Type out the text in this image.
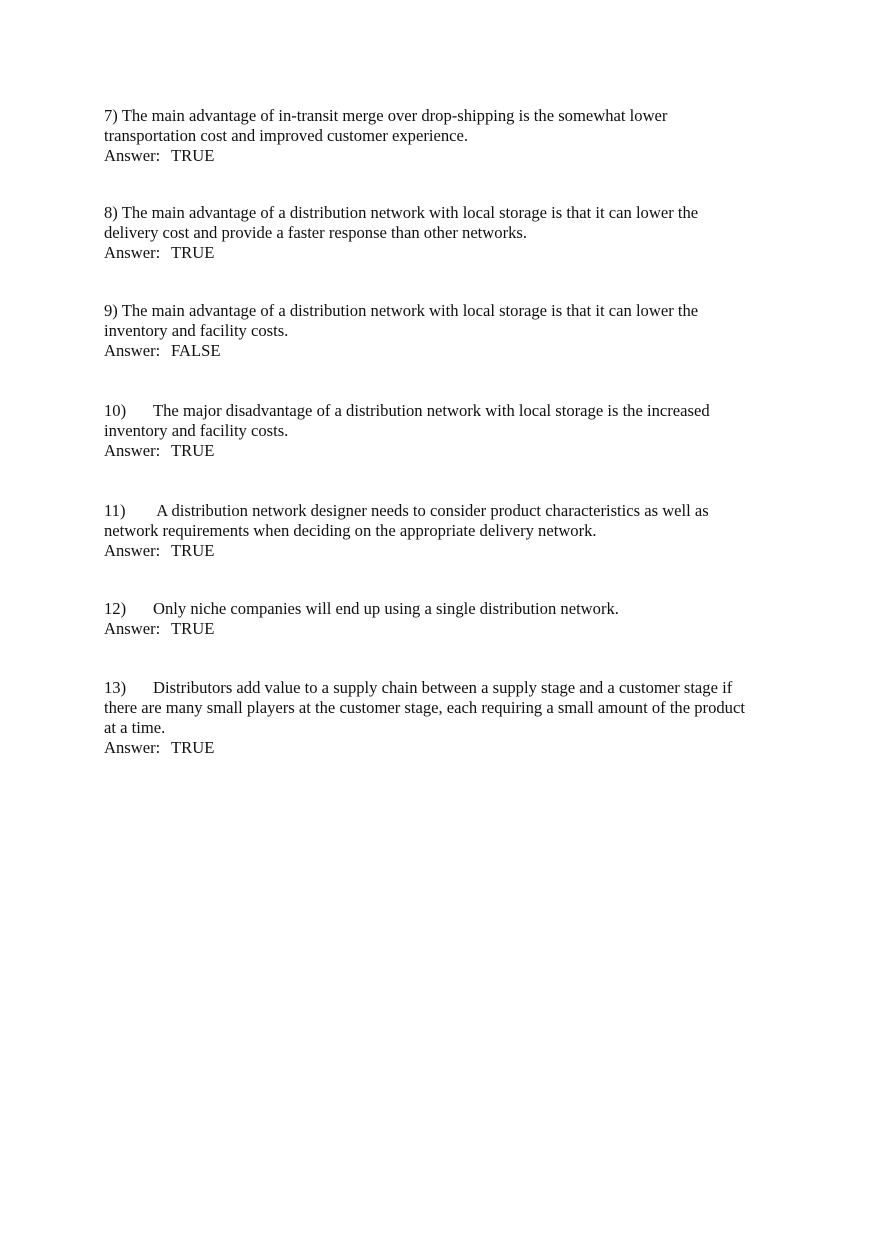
7) The main advantage of in-transit merge over drop-shipping is the somewhat lower
transportation cost and improved customer experience.

Answer: TRUE

8) The main advantage of a distribution network with local storage is that it can lower the
delivery cost and provide a faster response than other networks.

Answer: TRUE

9) The main advantage of a distribution network with local storage is that it can lower the
inventory and facility costs.

Answer: FALSE

10) The major disadvantage of a distribution network with local storage is the increased
inventory and facility costs.

Answer: TRUE

11) A distribution network designer needs to consider product characteristics as well as
network requirements when deciding on the appropriate delivery network.

Answer: TRUE

12) Only niche companies will end up using a single distribution network.

Answer: TRUE

13) Distributors add value to a supply chain between a supply stage and a customer stage if
there are many small players at the customer stage, each requiring a small amount of the product
at a time.

Answer: TRUE
